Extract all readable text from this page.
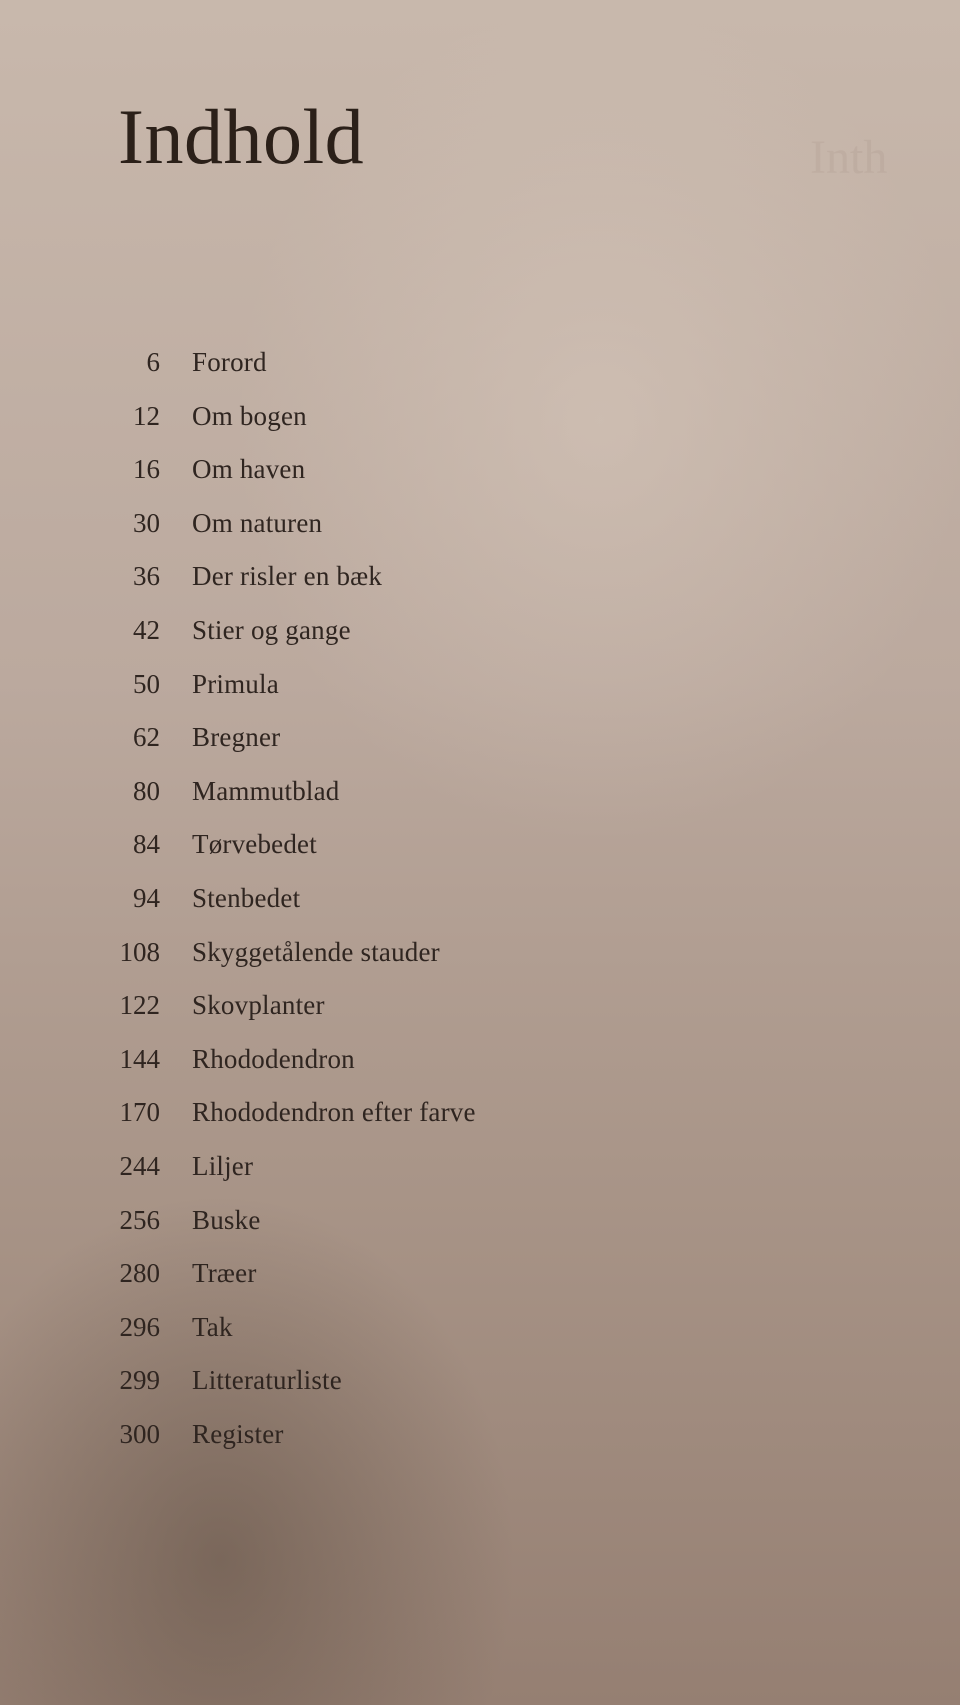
Indhold	Inth
6 Forord
12 Om bogen
16 Om haven
30 Om naturen
36 Der risler en bæk
42 Stier og gange
50 Primula
62 Bregner
80 Mammutblad
84 Tørvebedet
94 Stenbedet
108 Skyggetålende stauder
122 Skovplanter
144 Rhododendron
170 Rhododendron efter farve
244 Liljer
256 Buske
280 Træer
296 Tak
299 Litteraturliste
300 Register
